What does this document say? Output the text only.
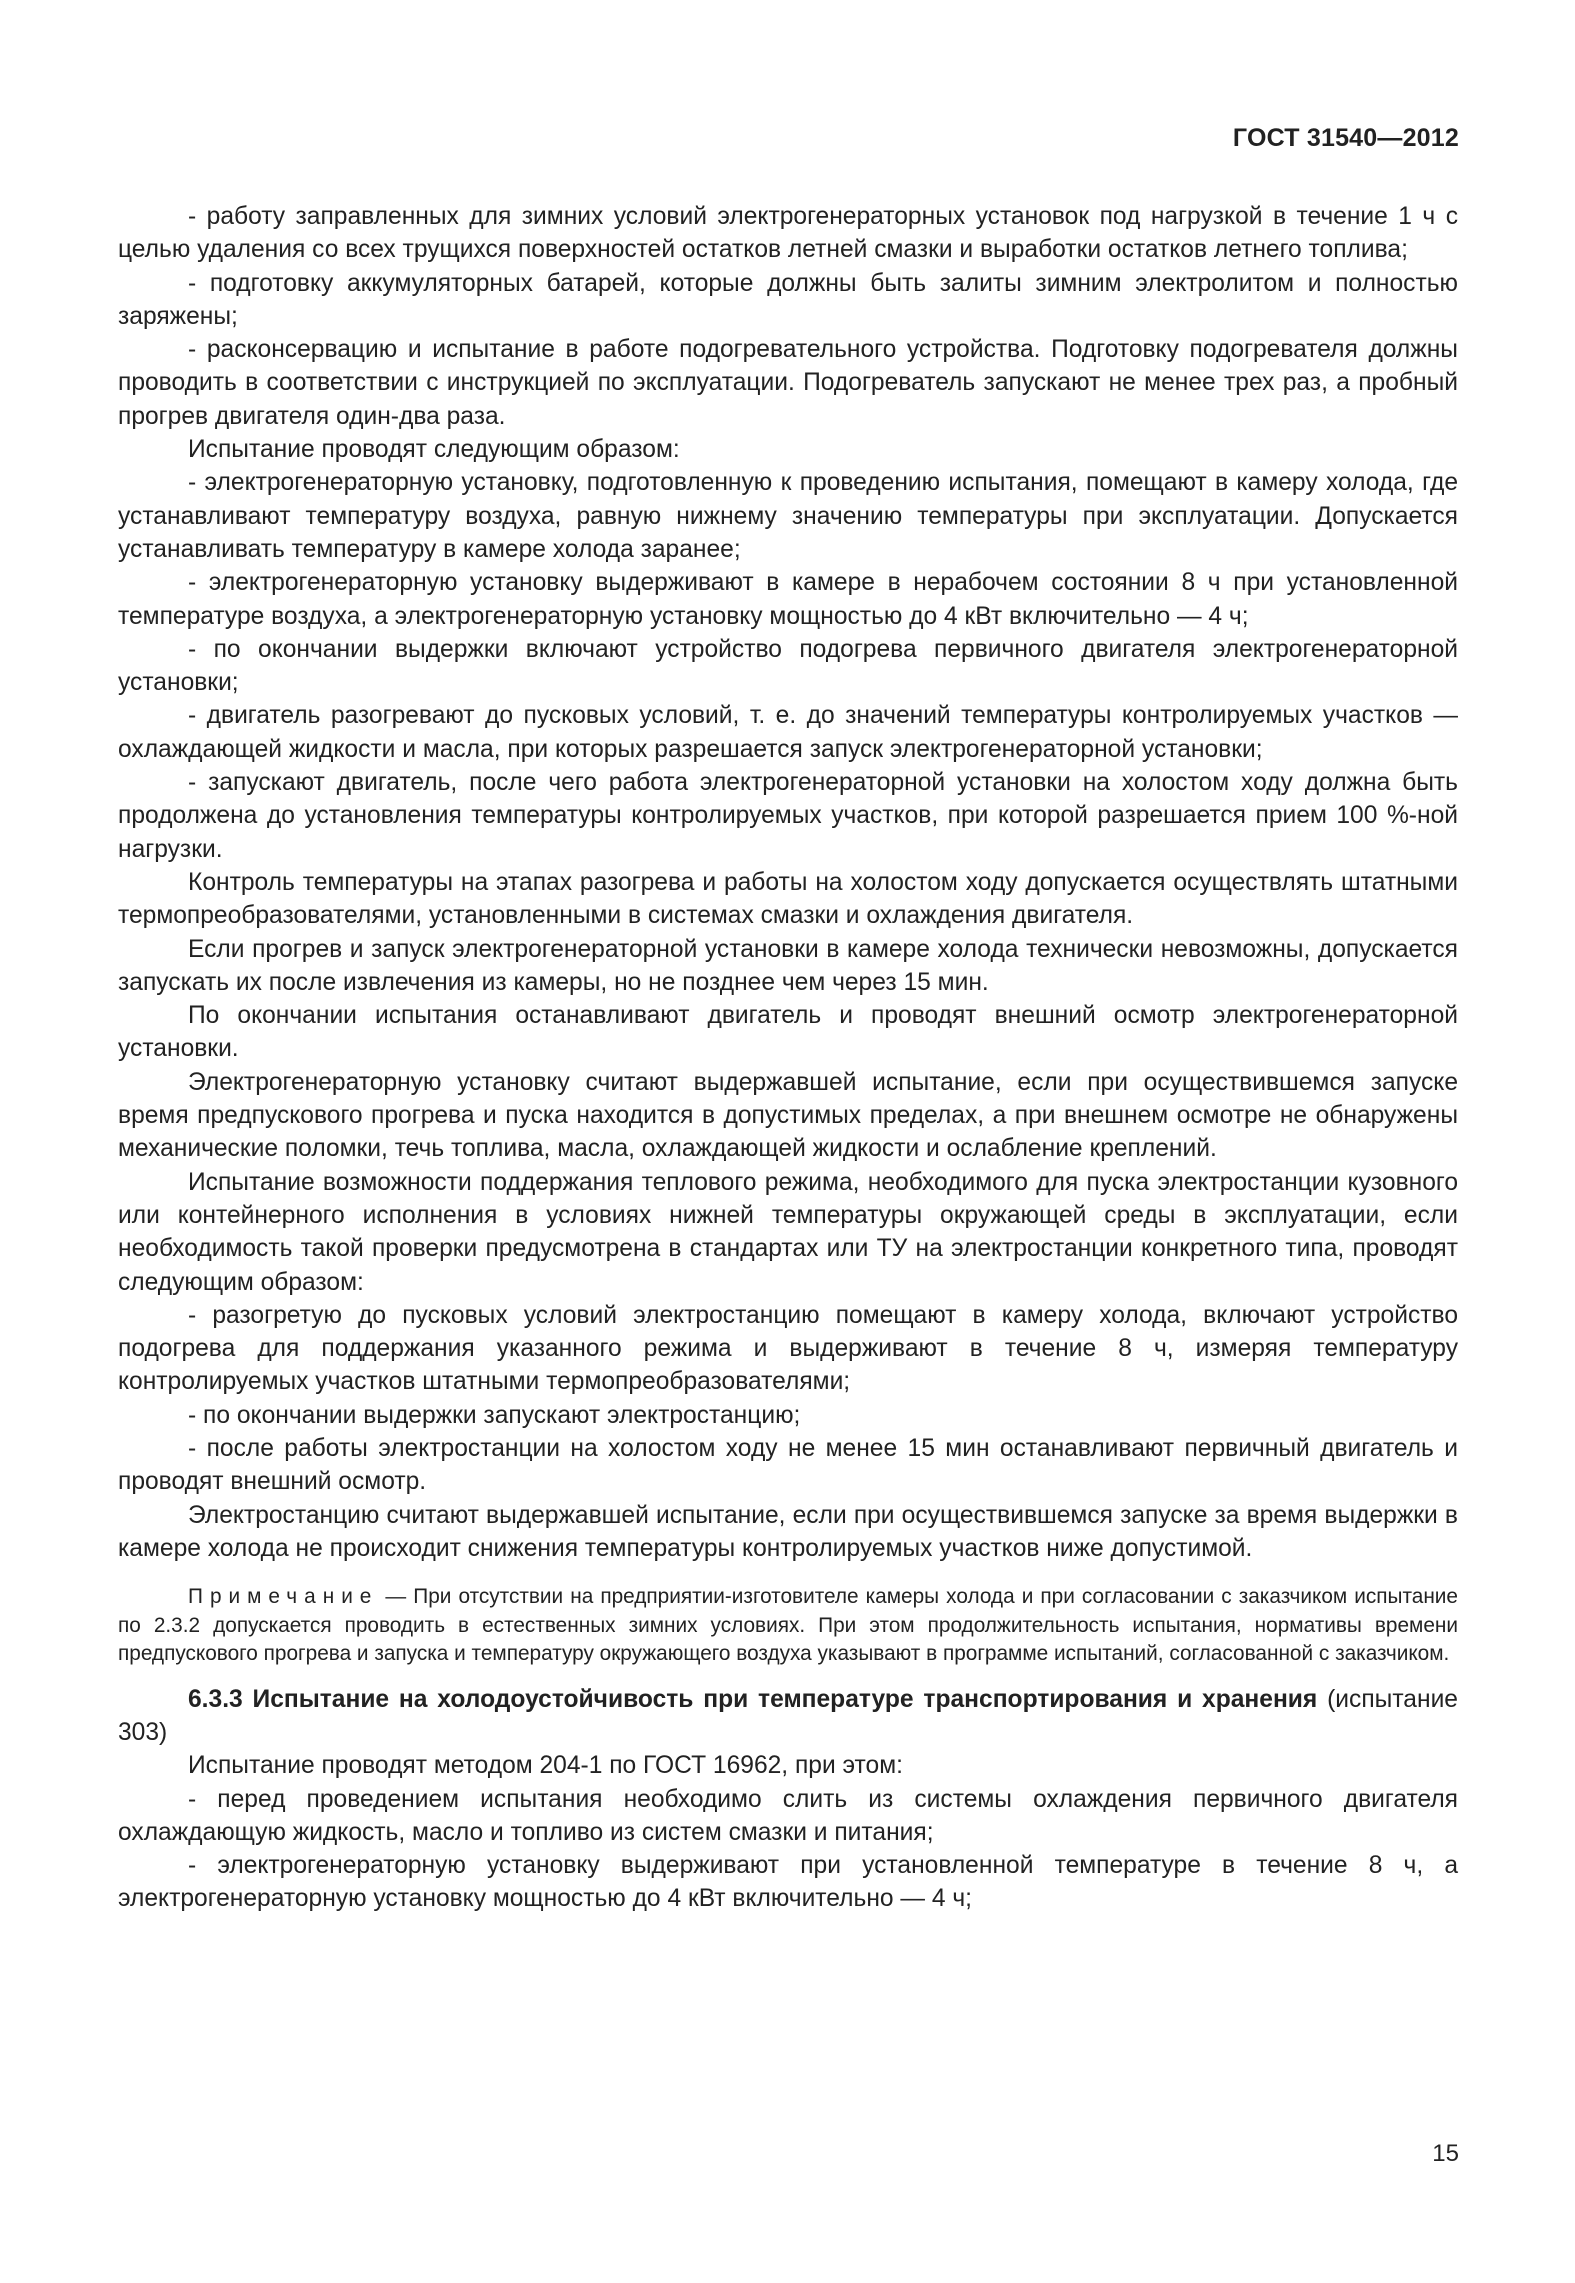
ГОСТ 31540—2012

- работу заправленных для зимних условий электрогенераторных установок под нагрузкой в течение 1 ч с целью удаления со всех трущихся поверхностей остатков летней смазки и выработки остатков летнего топлива;

- подготовку аккумуляторных батарей, которые должны быть залиты зимним электролитом и полностью заряжены;

- расконсервацию и испытание в работе подогревательного устройства. Подготовку подогревателя должны проводить в соответствии с инструкцией по эксплуатации. Подогреватель запускают не менее трех раз, а пробный прогрев двигателя один-два раза.

Испытание проводят следующим образом:

- электрогенераторную установку, подготовленную к проведению испытания, помещают в камеру холода, где устанавливают температуру воздуха, равную нижнему значению температуры при эксплуатации. Допускается устанавливать температуру в камере холода заранее;

- электрогенераторную установку выдерживают в камере в нерабочем состоянии 8 ч при установленной температуре воздуха, а электрогенераторную установку мощностью до 4 кВт включительно — 4 ч;

- по окончании выдержки включают устройство подогрева первичного двигателя электрогенераторной установки;

- двигатель разогревают до пусковых условий, т. е. до значений температуры контролируемых участков — охлаждающей жидкости и масла, при которых разрешается запуск электрогенераторной установки;

- запускают двигатель, после чего работа электрогенераторной установки на холостом ходу должна быть продолжена до установления температуры контролируемых участков, при которой разрешается прием 100 %-ной нагрузки.

Контроль температуры на этапах разогрева и работы на холостом ходу допускается осуществлять штатными термопреобразователями, установленными в системах смазки и охлаждения двигателя.

Если прогрев и запуск электрогенераторной установки в камере холода технически невозможны, допускается запускать их после извлечения из камеры, но не позднее чем через 15 мин.

По окончании испытания останавливают двигатель и проводят внешний осмотр электрогенераторной установки.

Электрогенераторную установку считают выдержавшей испытание, если при осуществившемся запуске время предпускового прогрева и пуска находится в допустимых пределах, а при внешнем осмотре не обнаружены механические поломки, течь топлива, масла, охлаждающей жидкости и ослабление креплений.

Испытание возможности поддержания теплового режима, необходимого для пуска электростанции кузовного или контейнерного исполнения в условиях нижней температуры окружающей среды в эксплуатации, если необходимость такой проверки предусмотрена в стандартах или ТУ на электростанции конкретного типа, проводят следующим образом:

- разогретую до пусковых условий электростанцию помещают в камеру холода, включают устройство подогрева для поддержания указанного режима и выдерживают в течение 8 ч, измеряя температуру контролируемых участков штатными термопреобразователями;

- по окончании выдержки запускают электростанцию;

- после работы электростанции на холостом ходу не менее 15 мин останавливают первичный двигатель и проводят внешний осмотр.

Электростанцию считают выдержавшей испытание, если при осуществившемся запуске за время выдержки в камере холода не происходит снижения температуры контролируемых участков ниже допустимой.

Примечание — При отсутствии на предприятии-изготовителе камеры холода и при согласовании с заказчиком испытание по 2.3.2 допускается проводить в естественных зимних условиях. При этом продолжительность испытания, нормативы времени предпускового прогрева и запуска и температуру окружающего воздуха указывают в программе испытаний, согласованной с заказчиком.

6.3.3 Испытание на холодоустойчивость при температуре транспортирования и хранения (испытание 303)

Испытание проводят методом 204-1 по ГОСТ 16962, при этом:

- перед проведением испытания необходимо слить из системы охлаждения первичного двигателя охлаждающую жидкость, масло и топливо из систем смазки и питания;

- электрогенераторную установку выдерживают при установленной температуре в течение 8 ч, а электрогенераторную установку мощностью до 4 кВт включительно — 4 ч;

15
